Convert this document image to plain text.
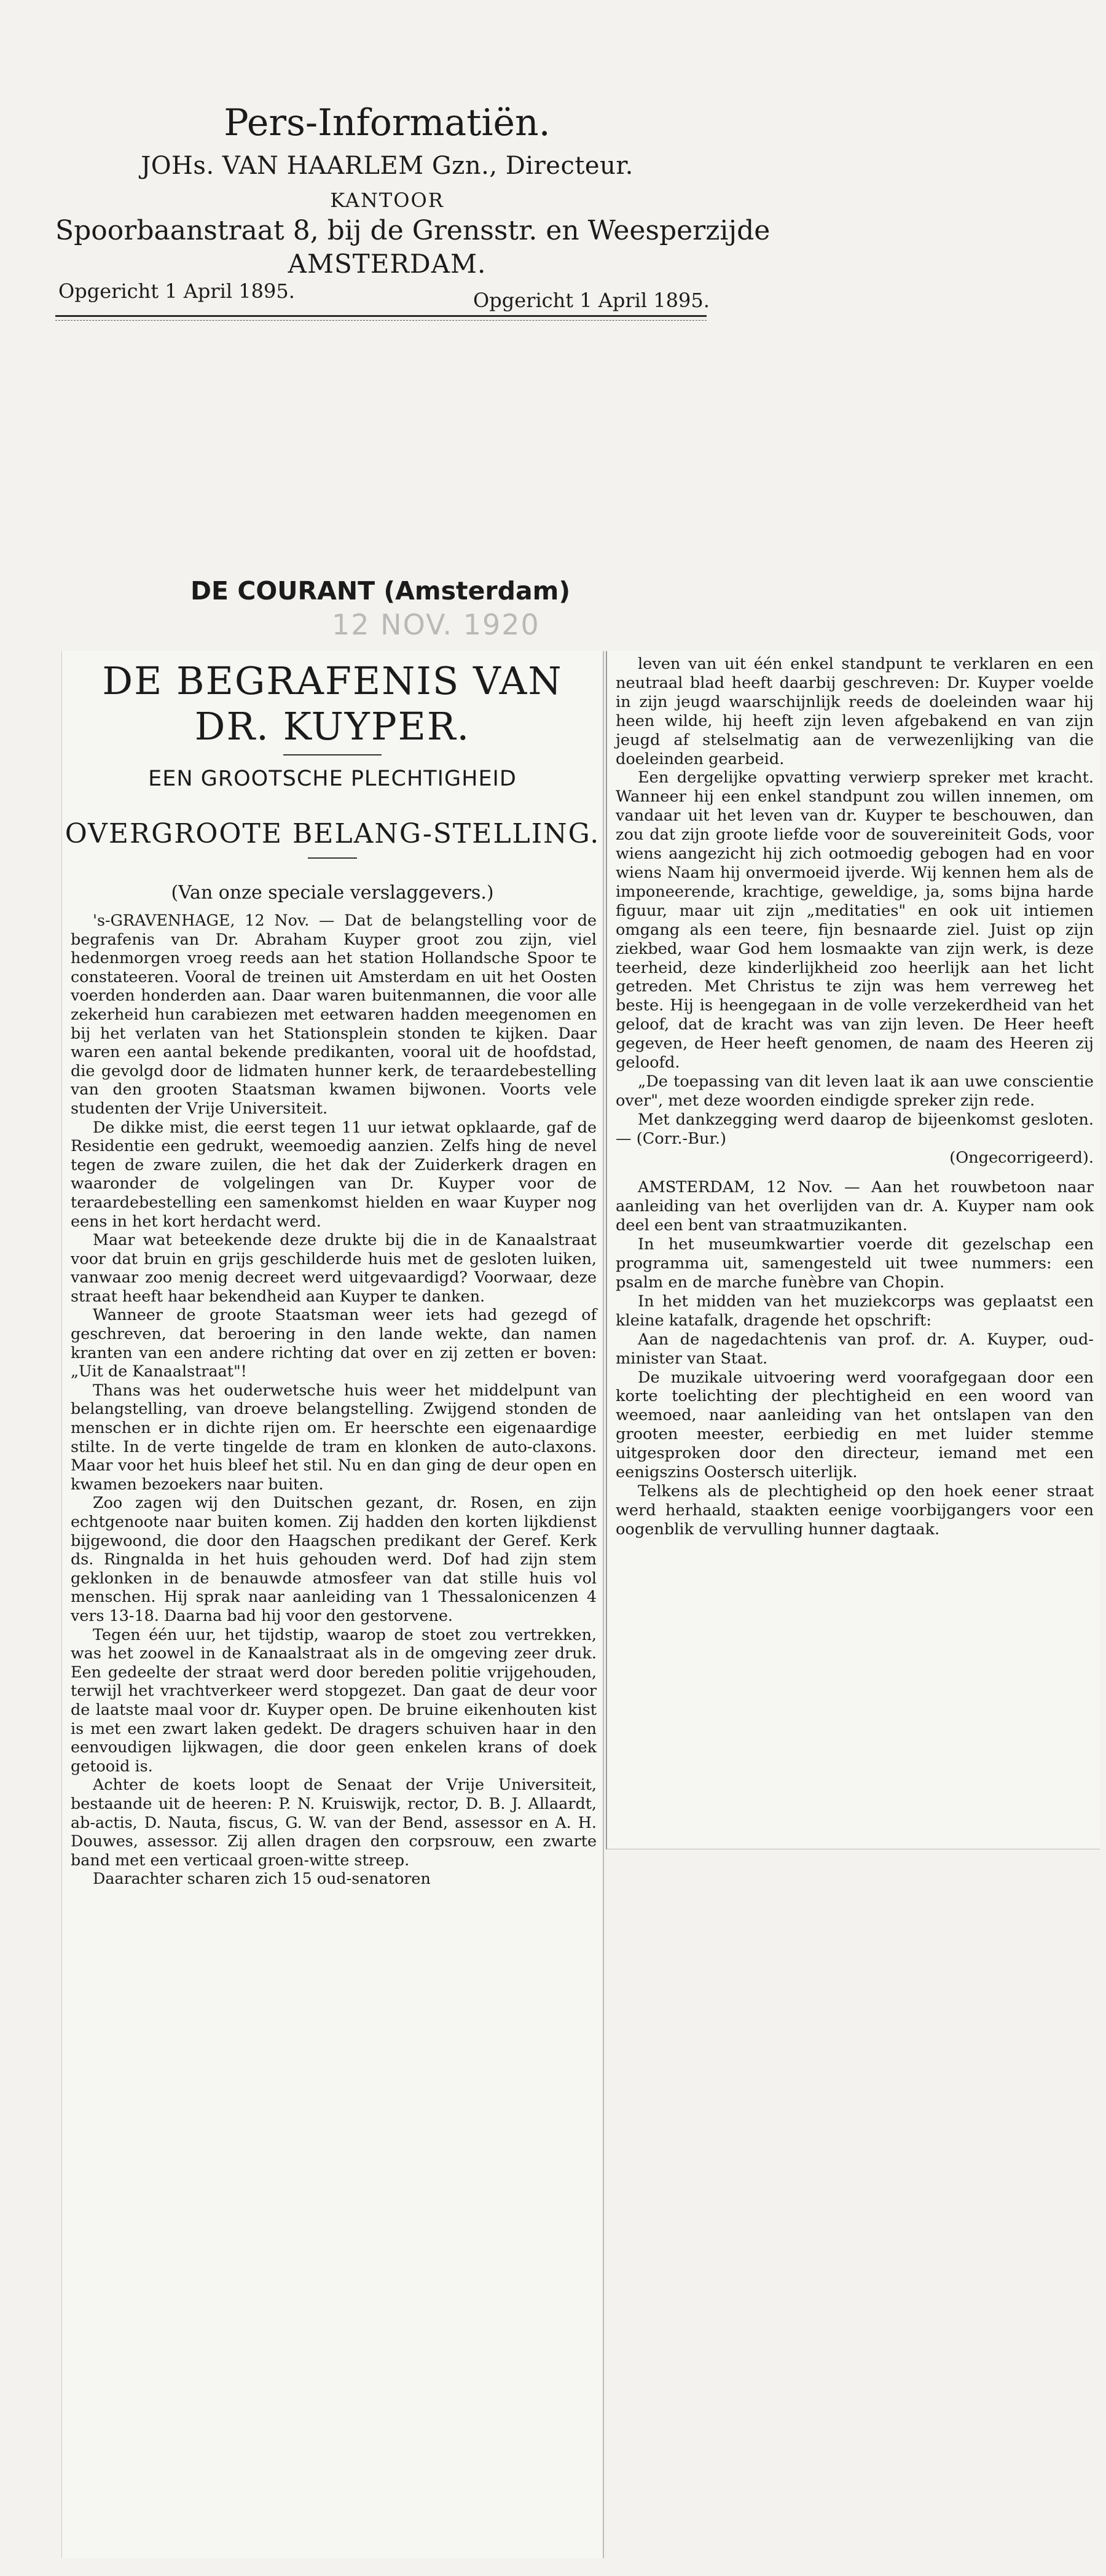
Pers-Informatiën.
JOHs. VAN HAARLEM Gzn., Directeur.
KANTOOR
Spoorbaanstraat 8, bij de Grensstr. en Weesperzijde
AMSTERDAM.
Opgericht 1 April 1895.	Opgericht 1 April 1895.
DE COURANT (Amsterdam)
12 NOV. 1920
DE BEGRAFENIS VAN DR. KUYPER.
EEN GROOTSCHE PLECHTIGHEID
OVERGROOTE BELANG-STELLING.
(Van onze speciale verslaggevers.)

's-GRAVENHAGE, 12 Nov. — Dat de belangstelling voor de begrafenis van Dr. Abraham Kuyper groot zou zijn, viel hedenmorgen vroeg reeds aan het station Hollandsche Spoor te constateeren. Vooral de treinen uit Amsterdam en uit het Oosten voerden honderden aan. Daar waren buitenmannen, die voor alle zekerheid hun carabiezen met eetwaren hadden meegenomen en bij het verlaten van het Stationsplein stonden te kijken. Daar waren een aantal bekende predikanten, vooral uit de hoofdstad, die gevolgd door de lidmaten hunner kerk, de teraardebestelling van den grooten Staatsman kwamen bijwonen. Voorts vele studenten der Vrije Universiteit.

De dikke mist, die eerst tegen 11 uur ietwat opklaarde, gaf de Residentie een gedrukt, weemoedig aanzien. Zelfs hing de nevel tegen de zware zuilen, die het dak der Zuiderkerk dragen en waaronder de volgelingen van Dr. Kuyper voor de teraardebestelling een samenkomst hielden en waar Kuyper nog eens in het kort herdacht werd.

Maar wat beteekende deze drukte bij die in de Kanaalstraat voor dat bruin en grijs geschilderde huis met de gesloten luiken, vanwaar zoo menig decreet werd uitgevaardigd? Voorwaar, deze straat heeft haar bekendheid aan Kuyper te danken.

Wanneer de groote Staatsman weer iets had gezegd of geschreven, dat beroering in den lande wekte, dan namen kranten van een andere richting dat over en zij zetten er boven: „Uit de Kanaalstraat"!

Thans was het ouderwetsche huis weer het middelpunt van belangstelling, van droeve belangstelling. Zwijgend stonden de menschen er in dichte rijen om. Er heerschte een eigenaardige stilte. In de verte tingelde de tram en klonken de auto-claxons. Maar voor het huis bleef het stil. Nu en dan ging de deur open en kwamen bezoekers naar buiten.

Zoo zagen wij den Duitschen gezant, dr. Rosen, en zijn echtgenoote naar buiten komen. Zij hadden den korten lijkdienst bijgewoond, die door den Haagschen predikant der Geref. Kerk ds. Ringnalda in het huis gehouden werd. Dof had zijn stem geklonken in de benauwde atmosfeer van dat stille huis vol menschen. Hij sprak naar aanleiding van 1 Thessalonicenzen 4 vers 13-18. Daarna bad hij voor den gestorvene.

Tegen één uur, het tijdstip, waarop de stoet zou vertrekken, was het zoowel in de Kanaalstraat als in de omgeving zeer druk. Een gedeelte der straat werd door bereden politie vrijgehouden, terwijl het vrachtverkeer werd stopgezet. Dan gaat de deur voor de laatste maal voor dr. Kuyper open. De bruine eikenhouten kist is met een zwart laken gedekt. De dragers schuiven haar in den eenvoudigen lijkwagen, die door geen enkelen krans of doek getooid is.

Achter de koets loopt de Senaat der Vrije Universiteit, bestaande uit de heeren: P. N. Kruiswijk, rector, D. B. J. Allaardt, ab-actis, D. Nauta, fiscus, G. W. van der Bend, assessor en A. H. Douwes, assessor. Zij allen dragen den corpsrouw, een zwarte band met een verticaal groen-witte streep.

Daarachter scharen zich 15 oud-senatoren

leven van uit één enkel standpunt te verklaren en een neutraal blad heeft daarbij geschreven: Dr. Kuyper voelde in zijn jeugd waarschijnlijk reeds de doeleinden waar hij heen wilde, hij heeft zijn leven afgebakend en van zijn jeugd af stelselmatig aan de verwezenlijking van die doeleinden gearbeid.

Een dergelijke opvatting verwierp spreker met kracht. Wanneer hij een enkel standpunt zou willen innemen, om vandaar uit het leven van dr. Kuyper te beschouwen, dan zou dat zijn groote liefde voor de souvereiniteit Gods, voor wiens aangezicht hij zich ootmoedig gebogen had en voor wiens Naam hij onvermoeid ijverde. Wij kennen hem als de imponeerende, krachtige, geweldige, ja, soms bijna harde figuur, maar uit zijn „meditaties" en ook uit intiemen omgang als een teere, fijn besnaarde ziel. Juist op zijn ziekbed, waar God hem losmaakte van zijn werk, is deze teerheid, deze kinderlijkheid zoo heerlijk aan het licht getreden. Met Christus te zijn was hem verreweg het beste. Hij is heengegaan in de volle verzekerdheid van het geloof, dat de kracht was van zijn leven. De Heer heeft gegeven, de Heer heeft genomen, de naam des Heeren zij geloofd.

„De toepassing van dit leven laat ik aan uwe conscientie over", met deze woorden eindigde spreker zijn rede.

Met dankzegging werd daarop de bijeenkomst gesloten. — (Corr.-Bur.)

(Ongecorrigeerd).

AMSTERDAM, 12 Nov. — Aan het rouwbetoon naar aanleiding van het overlijden van dr. A. Kuyper nam ook deel een bent van straatmuzikanten.

In het museumkwartier voerde dit gezelschap een programma uit, samengesteld uit twee nummers: een psalm en de marche funèbre van Chopin.

In het midden van het muziekcorps was geplaatst een kleine katafalk, dragende het opschrift:

Aan de nagedachtenis van prof. dr. A. Kuyper, oud-minister van Staat.

De muzikale uitvoering werd voorafgegaan door een korte toelichting der plechtigheid en een woord van weemoed, naar aanleiding van het ontslapen van den grooten meester, eerbiedig en met luider stemme uitgesproken door den directeur, iemand met een eenigszins Oostersch uiterlijk.

Telkens als de plechtigheid op den hoek eener straat werd herhaald, staakten eenige voorbijgangers voor een oogenblik de vervulling hunner dagtaak.
